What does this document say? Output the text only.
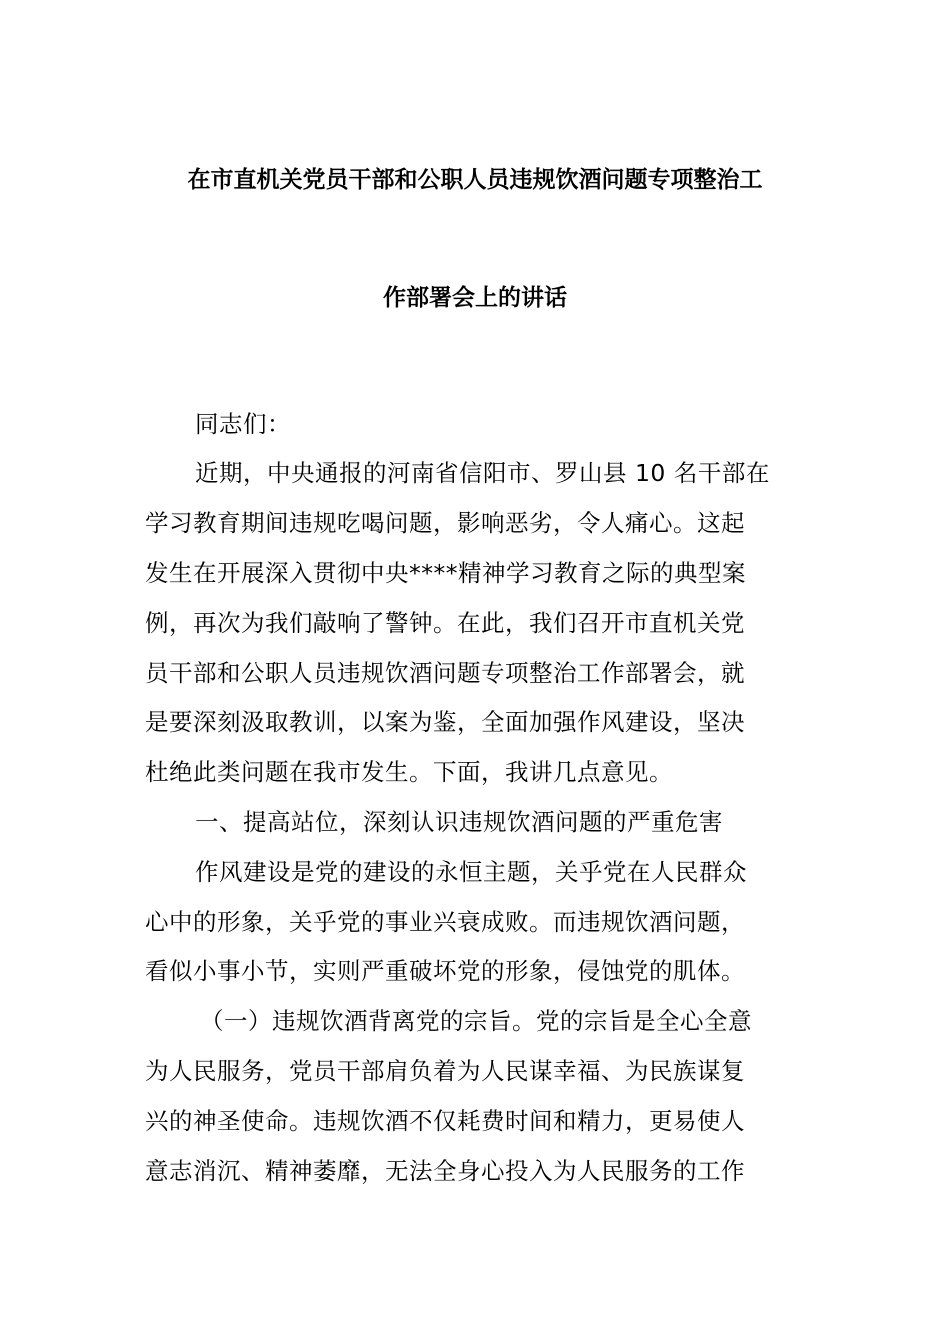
在市直机关党员干部和公职人员违规饮酒问题专项整治工
作部署会上的讲话
同志们：
近期，中央通报的河南省信阳市、罗山县 10 名干部在
学习教育期间违规吃喝问题，影响恶劣，令人痛心。这起
发生在开展深入贯彻中央****精神学习教育之际的典型案
例，再次为我们敲响了警钟。在此，我们召开市直机关党
员干部和公职人员违规饮酒问题专项整治工作部署会，就
是要深刻汲取教训，以案为鉴，全面加强作风建设，坚决
杜绝此类问题在我市发生。下面，我讲几点意见。
一、提高站位，深刻认识违规饮酒问题的严重危害
作风建设是党的建设的永恒主题，关乎党在人民群众
心中的形象，关乎党的事业兴衰成败。而违规饮酒问题，
看似小事小节，实则严重破坏党的形象，侵蚀党的肌体。
（一）违规饮酒背离党的宗旨。党的宗旨是全心全意
为人民服务，党员干部肩负着为人民谋幸福、为民族谋复
兴的神圣使命。违规饮酒不仅耗费时间和精力，更易使人
意志消沉、精神萎靡，无法全身心投入为人民服务的工作
